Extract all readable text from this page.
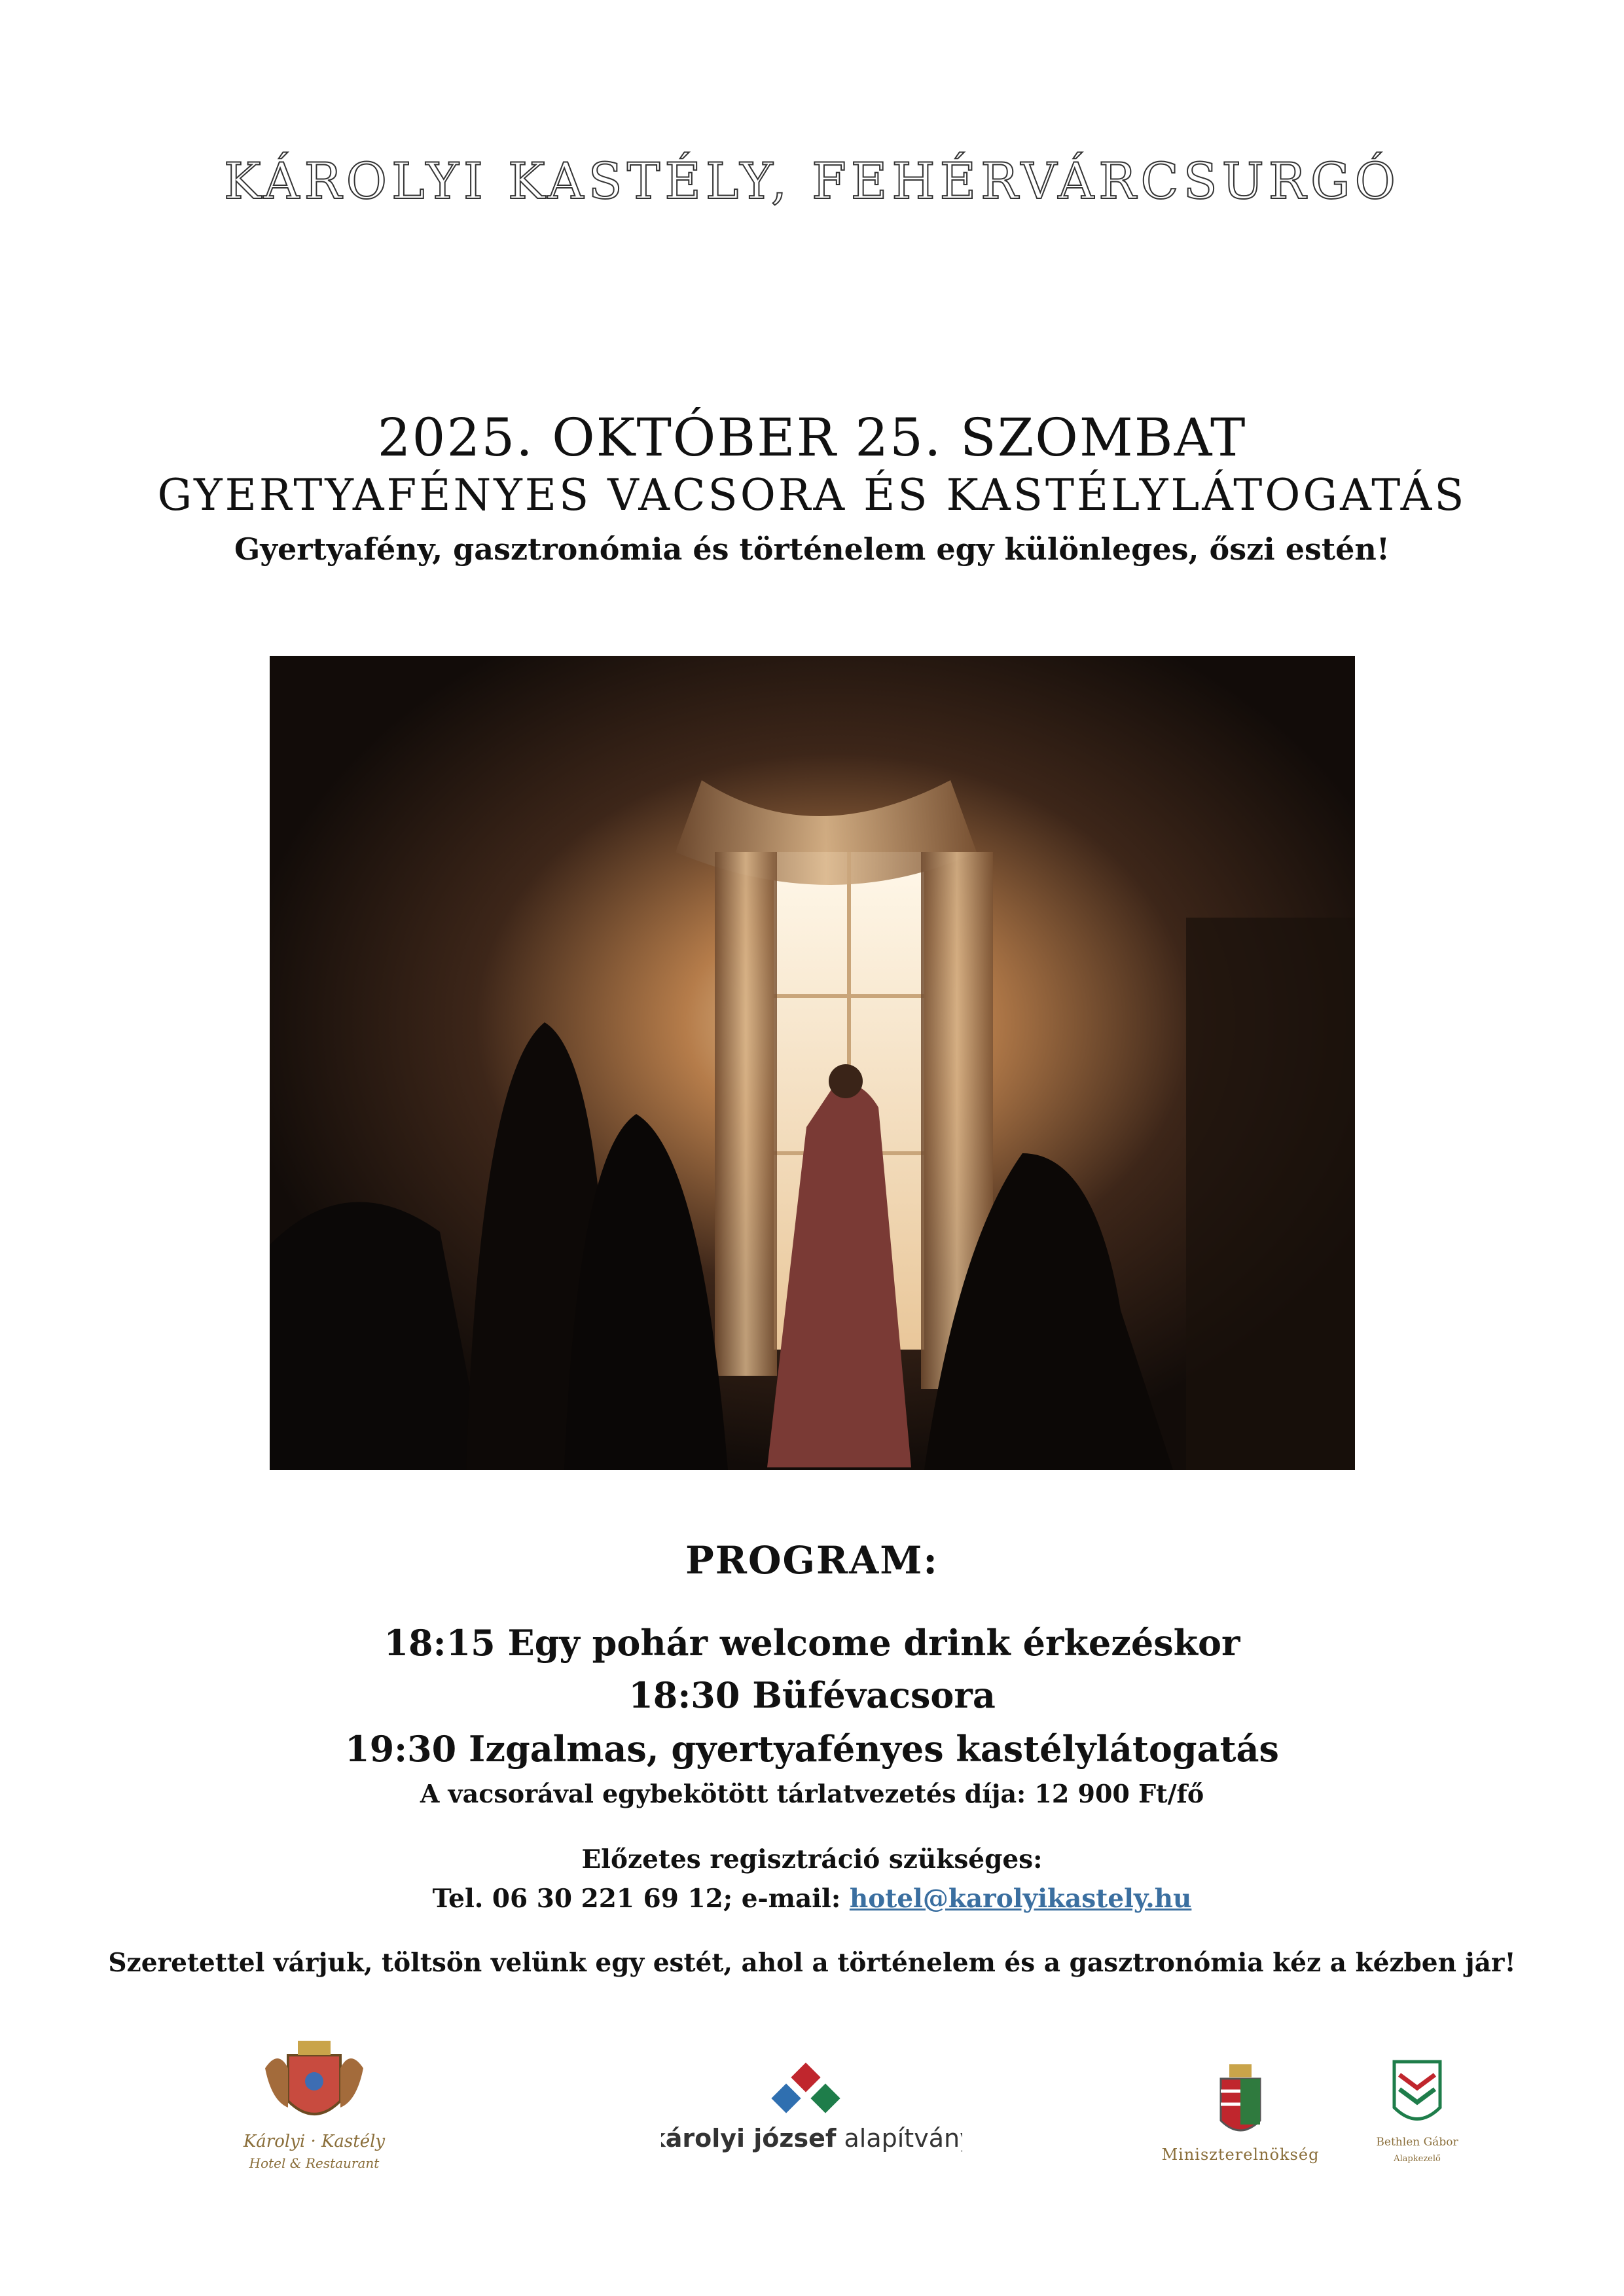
KÁROLYI KASTÉLY, FEHÉRVÁRCSURGÓ
2025. OKTÓBER 25. SZOMBAT
GYERTYAFÉNYES VACSORA ÉS KASTÉLYLÁTOGATÁS
Gyertyafény, gasztronómia és történelem egy különleges, őszi estén!
PROGRAM:
18:15 Egy pohár welcome drink érkezéskor
18:30 Büfévacsora
19:30 Izgalmas, gyertyafényes kastélylátogatás
A vacsorával egybekötött tárlatvezetés díja: 12 900 Ft/fő
Előzetes regisztráció szükséges:
Tel. 06 30 221 69 12; e-mail: hotel@karolyikastely.hu
Szeretettel várjuk, töltsön velünk egy estét, ahol a történelem és a gasztronómia kéz a kézben jár!
Károlyi · Kastély
Hotel & Restaurant
károlyi józsef alapítvány
Miniszterelnökség
Bethlen Gábor
Alapkezelő
